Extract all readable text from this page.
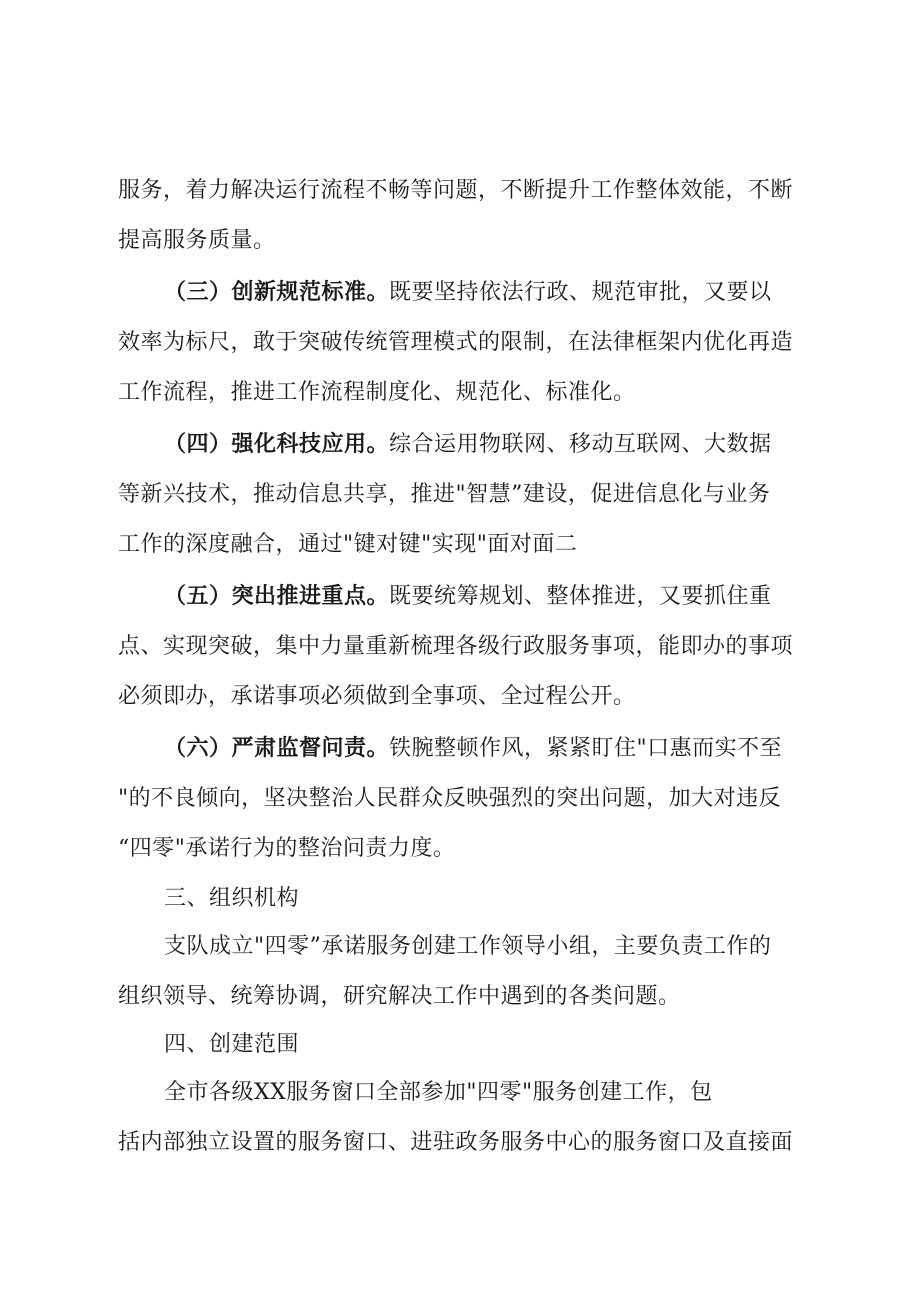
服务，着力解决运行流程不畅等问题，不断提升工作整体效能，不断
提高服务质量。
（三）创新规范标准。既要坚持依法行政、规范审批，又要以
效率为标尺，敢于突破传统管理模式的限制，在法律框架内优化再造
工作流程，推进工作流程制度化、规范化、标准化。
（四）强化科技应用。综合运用物联网、移动互联网、大数据
等新兴技术，推动信息共享，推进"智慧”建设，促进信息化与业务
工作的深度融合，通过"键对键"实现"面对面二
（五）突出推进重点。既要统筹规划、整体推进，又要抓住重
点、实现突破，集中力量重新梳理各级行政服务事项，能即办的事项
必须即办，承诺事项必须做到全事项、全过程公开。
（六）严肃监督问责。铁腕整顿作风，紧紧盯住"口惠而实不至
"的不良倾向，坚决整治人民群众反映强烈的突出问题，加大对违反
“四零"承诺行为的整治问责力度。
三、组织机构
支队成立"四零”承诺服务创建工作领导小组，主要负责工作的
组织领导、统筹协调，研究解决工作中遇到的各类问题。
四、创建范围
全市各级XX服务窗口全部参加"四零"服务创建工作，包
括内部独立设置的服务窗口、进驻政务服务中心的服务窗口及直接面
